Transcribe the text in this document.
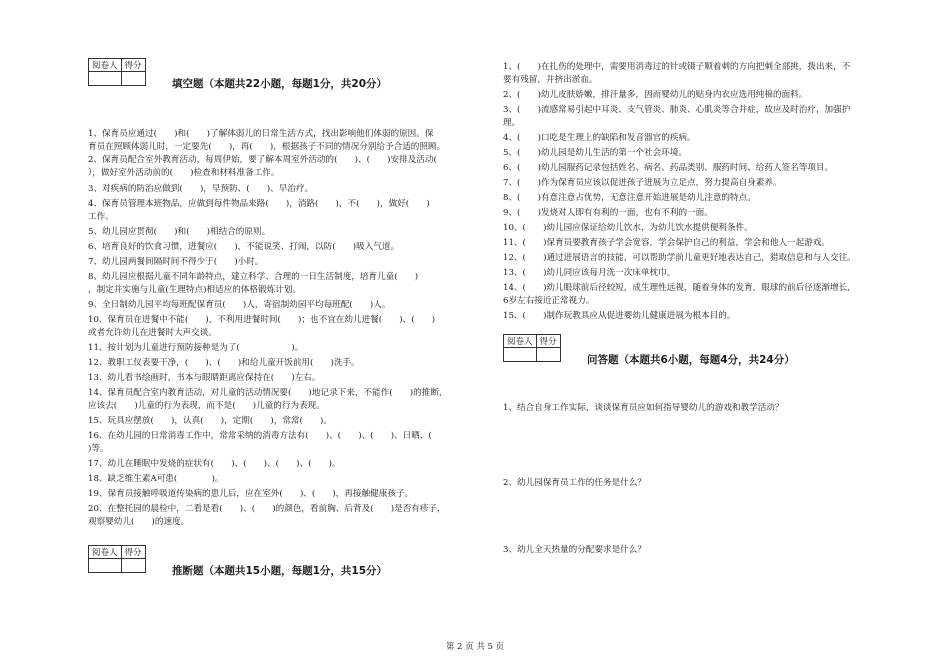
阅卷人	得分

填空题（本题共22小题，每题1分，共20分）
1、保育员应通过(　　)和(　　)了解体弱儿的日常生活方式，找出影响他们体弱的原因。保
育员在照顾体弱儿时，一定要先(　　)，再(　　)，根据孩子不同的情况分别给予合适的照顾。
2、保育员配合室外教育活动，每周伊始，要了解本周室外活动的(　　)、(　　)安排及活动(
），做好室外活动前的(　　)检查和材料准备工作。
3、对疾病的防治应做到(　　)，早预防、(　　)、早治疗。
4、保育员管理本班物品，应做到每件物品来路(　　)，消路(　　)，不(　　)，做好(　　)
工作。
5、幼儿园应贯彻(　　)和(　　)相结合的原则。
6、培育良好的饮食习惯，进餐应(　　)，不能说笑、打闹，以防(　　)吸入气道。
7、幼儿园两餐间隔时间不得少于(　　)小时。
8、幼儿园应根据儿童不同年龄特点，建立科学、合理的一日生活制度，培育儿童(　　)
，制定并实施与儿童(生理特点)相适应的体格锻炼计划。
9、全日制幼儿园平均每班配保育员(　　)人，寄宿制幼园平均每班配(　　)人。
10、保育员在进餐中不能(　　)，不利用进餐时间(　　)；也不宜在幼儿进餐(　　)、(　　)
或者允许幼儿在进餐时大声交谈。
11、按计划为儿童进行预防接种是为了(　　　　　　)。
12、教职工仪表要干净，(　　)、(　　)和给儿童开饭前用(　　)洗手。
13、幼儿看书绘画时，书本与眼睛距离应保持在(　　)左右。
14、保育员配合室内教育活动，对儿童的活动情况要(　　)地记录下来，不能作(　　)的推断，
应该去(　　)儿童的行为表现，而不是(　　)儿童的行为表现。
15、玩具应摆放(　　)，认真(　　)，定期(　　)，常常(　　)。
16、在幼儿园的日常消毒工作中，常常采纳的消毒方法有(　　)、(　　)、(　　)、日晒、(　　
)等。
17、幼儿在睡眠中发烧的症状有(　　)、(　　)、(　　)、(　　)。
18、缺乏维生素A可患(　　　　)。
19、保育员接触呼吸道传染病的患儿后，应在室外(　　)、(　　)，再接触健康孩子。
20、在整托园的晨检中，二看是看(　　)、(　　)的颜色，看前胸、后背及(　　)是否有疹子，
观察婴幼儿(　　)的速度。
阅卷人	得分

推断题（本题共15小题，每题1分，共15分）
1、(　　)在扎伤的处理中，需要用消毒过的针或镊子顺着刺的方向把刺全部挑，拨出来，不
要有残留，并挤出淤血。
2、(　　)幼儿皮肤娇嫩，排汗量多，因而婴幼儿的贴身内衣应选用纯棉的面料。
3、(　　)流感常易引起中耳炎、支气管炎、肺炎、心肌炎等合并症，故应及时治疗，加强护
理。
4、(　　)口吃是生理上的缺陷和发音器官的疾病。
5、(　　)幼儿园是幼儿生活的第一个社会环境。
6、(　　)幼儿园服药记录包括姓名、病名、药品类别、服药时间、给药人签名等项目。
7、(　　)作为保育员应该以促进孩子进展为立足点，努力提高自身素养。
8、(　　)有意注意占优势，无意注意开始进展是幼儿注意的特点。
9、(　　)发烧对人即有有利的一面，也有不利的一面。
10、(　　)幼儿园应保证给幼儿饮水，为幼儿饮水提供便利条件。
11、(　　)保育员要教育孩子学会宽容，学会保护自己的利益，学会和他人一起游戏。
12、(　　)通过进展语言的技能，可以帮助学前儿童更好地表达自己，猎取信息和与人交往。
13、(　　)幼儿同应该每月洗一次床单枕巾。
14、(　　)幼儿眼球前后径较短，成生理性远视，随着身体的发育，眼球的前后径逐渐增长，
6岁左右接近正常视力。
15、(　　)制作玩教具应从促进婴幼儿健康进展为根本目的。
阅卷人	得分

问答题（本题共6小题，每题4分，共24分）
1、结合自身工作实际，谈谈保育员应如何指导婴幼儿的游戏和教学活动？
2、幼儿园保育员工作的任务是什么？
3、幼儿全天热量的分配要求是什么？
第 2 页 共 5 页
